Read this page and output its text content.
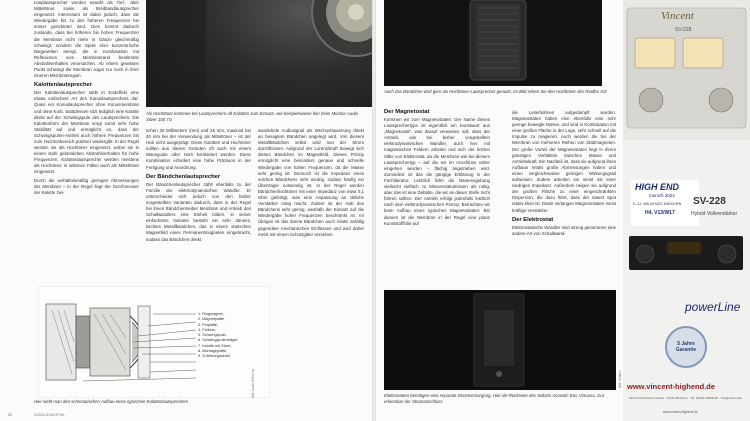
nusplautsprecher werden sowohl als Tief-, aber Mitteltöner, sowie als Breitbandlautsprecher eingesetzt. Interessant ist dabei jedoch, dass die Wiedergabe bis zu den höheren Frequenzen hin immer gerichteter wird. Dies kommt dadurch zustande, dass bei höheren bis hohen Frequenzen die Membran nicht mehr in Gänze gleichmäßig schwingt, sondern die Spule eher konzentrische Biegewellen anregt, die in Kombination mit Reflexionen vom Membranrand bestimmte Abstrahlverhalten verursachen. Ab einem gewissen Punkt schwingt die Membran sogar nur noch in ihrer inneren Membranregion.

Kalottenlautsprecher

Der Kalottenlautsprecher stellt in Endeffekt eine etwas einfachere Art des Konuslautsprechers dar: Quasi ein Konuslautsprecher ohne Konusmembran und ohne Korb. Stattdessen sitzt lediglich eine Kalotte direkt auf der Schwingspule des Lautsprechers. Die Kalottenform der Membran sorgt somit sehr hohe Stabilität auf und ermöglicht es, dass der Schwingspulen-Antrieb auch höhere Frequenzen bis zum Hochtonbereich präziser wiedergibt. In der Regel werden sie als Hochtöner eingesetzt, wobei sie in einem stark gebündelten Abstrahlverhalten für hohe Frequenzen. Kalottenlautsprecher werden meistens als Hochtöner, in seltenen Fällen auch als Mitteltöner eingesetzt.

Durch die verhältnismäßig geringen Abmessungen der Membran – in der Regel liegt der Durchmesser der Kalotte zwi-

Als Hochtöner kommen bei Lautsprechern oft Kalotten zum Einsatz, wie beispielsweise hier beim Monitor Audio Silver 100 7G

schen 20 Millimetern (mm) und 25 mm, maximal bei 40 mm bei der Verwendung als Mitteltöner – ist der Hub nicht ausgeprägt. Diese Kalotten und Hochtöner sollten aus diesen Gründen oft auch mit einem Waveguide oder Horn kombiniert werden. Diese Kombination erfordert eine hohe Präzision in der Fertigung und Anordnung.

Der Bändchenlautsprecher

Der Bändchenlautsprecher zählt ebenfalls zu der Familie der elektrodynamischen Wandler. Er unterscheidet sich jedoch von den bisher vorgestellten Varianten dadurch, dass in der Regel bei ihnen Bändchentreiber Membran und Antrieb des Schallwandlers eine Einheit bilden. In seiner einfachsten Variante besteht ein sehr dünnes, leichtes Metallbändchen, das in einem statischen Magnetfeld eines Permanentmagneten eingebracht, sodass das Bändchen direkt

wandelnde Audiosignal als Wechselspannung direkt an besagtem Bändchen angelegt wird. Von diesem Metallbändchen selbst wird nun der Strom durchflossen. Aufgrund der Lorentzkraft bewegt sich dieses Bändchen im Magnetfeld. Dieses Prinzip ermöglicht eine besonders genaue und schnelle Wiedergabe von hohen Frequenzen, da die Masse sehr gering ist. Dennoch ist die Impedanz eines solchen Bändchens sehr niedrig, sodass häufig ein Übertrager notwendig ist. In der Regel werden Bändchenhochtöner mit einer Impedanz von etwa 0,1 Ohm gefertigt, was eine Anpassung an übliche Verstärker nötig macht. Zudem ist der Hub des Bändchens sehr gering, weshalb der Einsatz auf die Wiedergabe hoher Frequenzen beschränkt ist. Im Übrigen ist das dünne Bändchen auch relativ anfällig gegenüber mechanischen Einflüssen und wird daher meist mit einem Schutzgitter versehen.

1. Ringmagnet,
2. Magnetplatte,
3. Polplatte,
4. Polkern,
5. Schwingspule,
6. Schwingspulenträger,
7. Kalotte mit Sicke,
8. Montageplatte,
9. Zuführungsdraht
Hier sieht man den schematischen Aufbau eines typischen Kalottenlautsprechers
Bild: Audio-Referenz
2/2024 AUDIOPHIL
50
Auch das Bändchen wird gern als Hochtöner-Lautsprecher genutzt. Im Bild sehen Sie den Hochtöner des Raidho X2t
Der Magnetostat

Kommen wir zum Magnetostaten: Der Name dieses Lautsprechertyps ist eigentlich ein Kunstwort aus „Magnetostat“, was darauf verweisen soll, dass der Antrieb, wie bei bisher vorgestellten elektrodynamischen Wandler, auch hier mit magnetischen Feldern arbeitet und sich der letzten Silbe von Elektrostat, da die Membran wie bei diesem Lautsprechertyp – auf die wir im Anschluss näher eingehen werden – flächig angetrieben wird. Zumindest ist das die gängige Erklärung in der Fachliteratur. Letztlich führt die Namensgebung vielleicht vielfach zu Missverständnissen als nötig, aber das ist eine Debatte, die wir an dieser Stelle nicht führen sollten. Der Antrieb erfolgt jedenfalls letztlich nach dem elektrodynamischen Prinzip. Betrachten wir beim Aufbau eines typischen Magnetostaten: Bei diesem ist die Membran in der Regel eine plane Kunststofffolie auf

die Leiterbahnen aufgedampft wurden. Magnetostaten haben eine ebenfalls eine sehr geringe bewegte Masse, und sind in Kombination mit einer großen Fläche in der Lage, sehr schnell auf die Impulse zu reagieren. Auch werden die bei der Membran von mehreren Reihen von Stabmagneten. Der große Vorteil der Magnetostaten liegt in ihrem günstigen Verhältnis zwischen Masse und Antriebskraft. Ein Nachteil ist, dass sie aufgrund ihres Aufbaus relativ große Abmessungen haben und einen vergleichsweise geringen Wirkungsgrad aufweisen. Zudem arbeiten sie meist mit einer niedrigen Impedanz. Außerdem neigen sie aufgrund der großen Fläche zu einer eingeschränkten Dispersion, die dazu führt, dass der Sweet Spot relativ klein ist. Damit verlangen Magnetostaten meist kräftige Verstärker.

Der Elektrostat

Elektrostatische Wandler sind streng genommen eine andere Art von Schallwand-

Elektrostaten benötigen eine separate Stromversorgung. Hier die Rückseite des Sollaris Acoustic ESL Virtuosa. Gut erkennbar der Stromanschluss
Bild: Sollaris
Vincent
SV-228
HIGH END
munich 2024
9.–12. MAI IM MOC MÜNCHEN
H4, V13/W17
SV-228
Hybrid Vollverstärker
powerLine
5 Jahre Garantie
www.vincent-highend.de
Sintron Distribution GmbH · 76473 Iffezheim · Tel. 07229-18298-50 · info@sintron.de
www.vincent-highend.de
